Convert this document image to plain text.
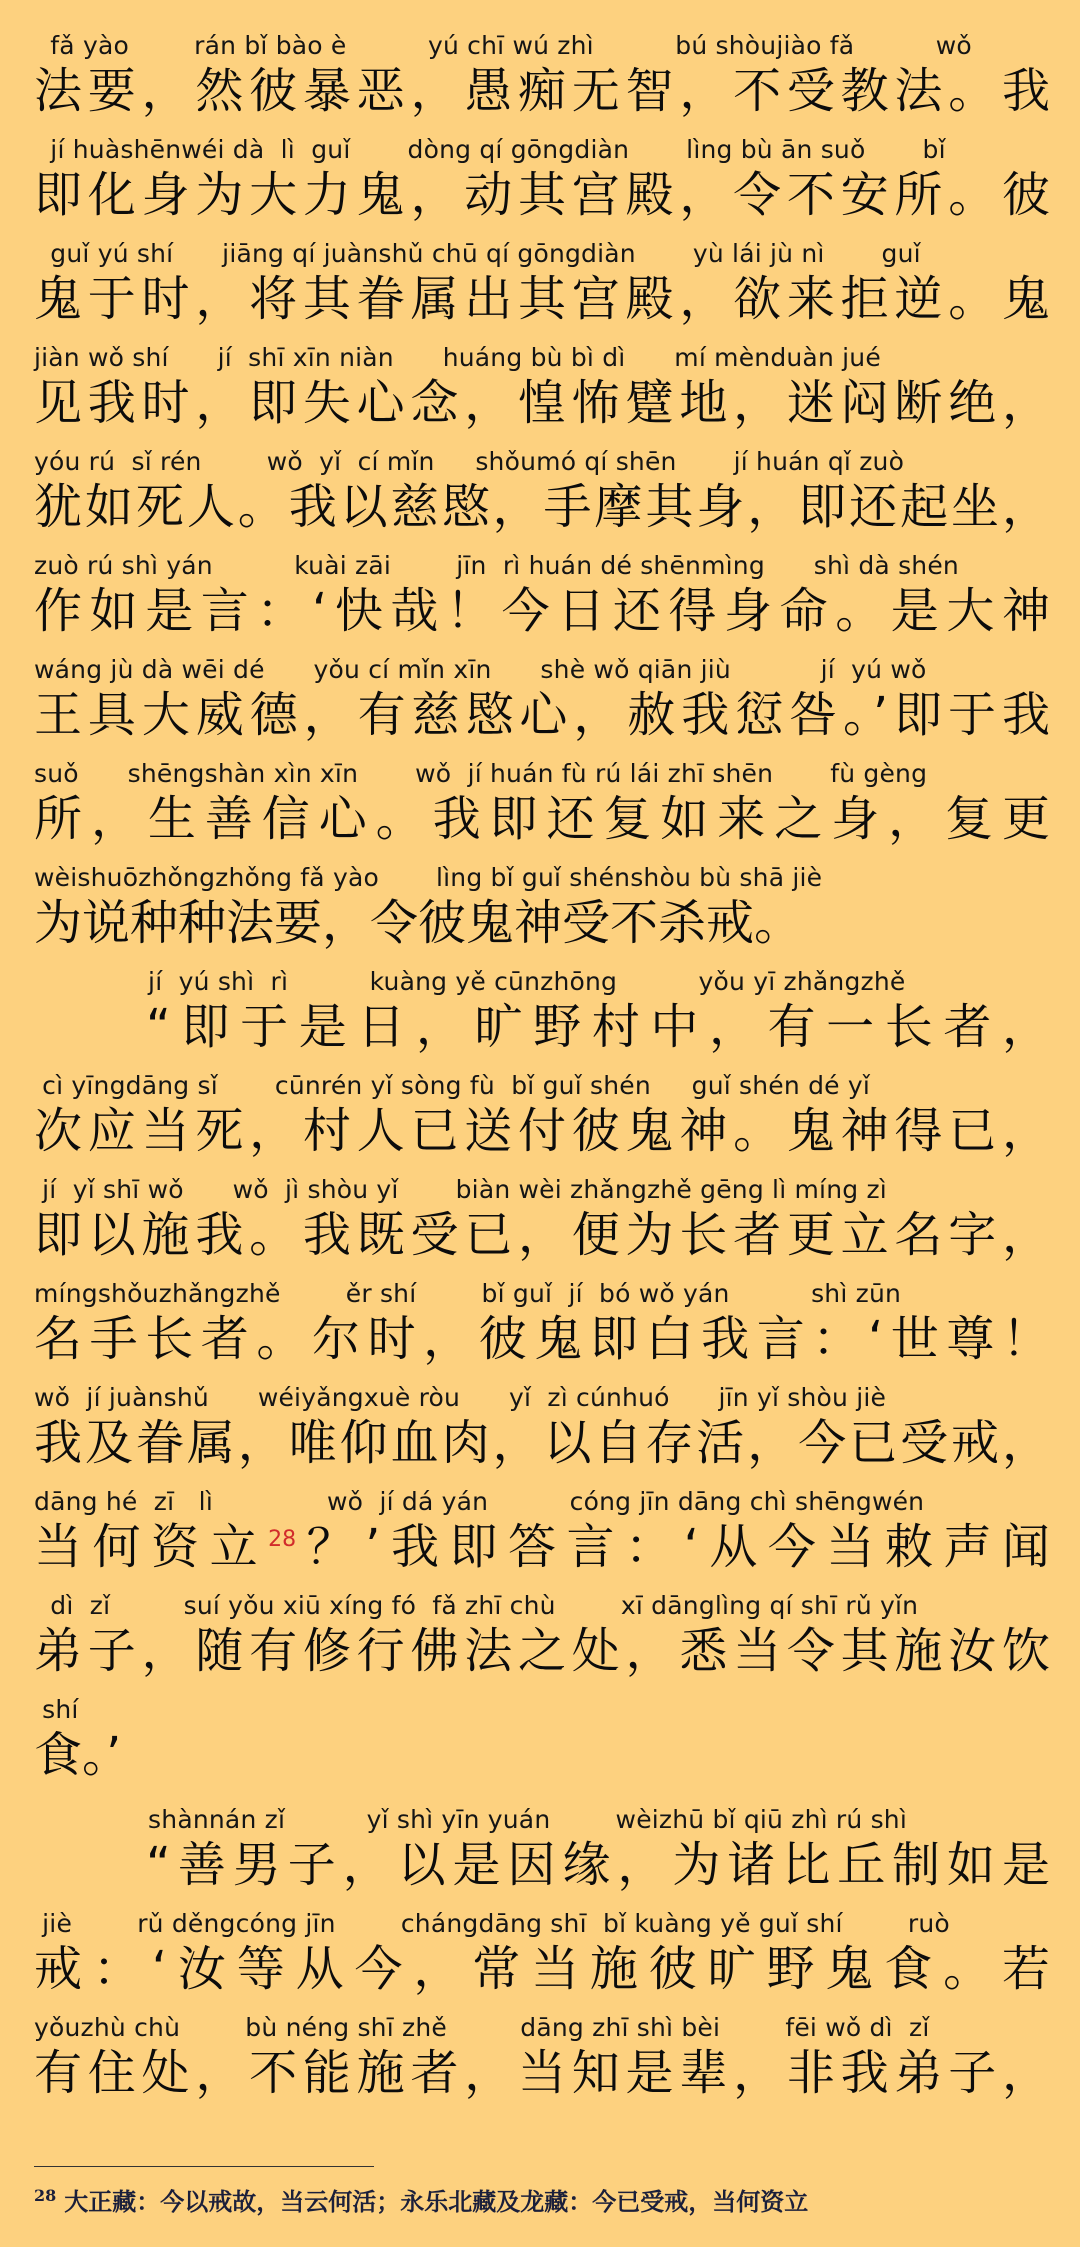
fǎ yào        rán bǐ bào è          yú chī wú zhì          bú shòujiào fǎ          wǒ
法要，然彼暴恶，愚痴无智，不受教法。我
jí huàshēnwéi dà  lì  guǐ       dòng qí gōngdiàn       lìng bù ān suǒ       bǐ
即化身为大力鬼，动其宫殿，令不安所。彼
guǐ yú shí      jiāng qí juànshǔ chū qí gōngdiàn       yù lái jù nì       guǐ
鬼于时，将其眷属出其宫殿，欲来拒逆。鬼
jiàn wǒ shí      jí  shī xīn niàn      huáng bù bì dì      mí mènduàn jué
见我时，即失心念，惶怖躄地，迷闷断绝，
yóu rú  sǐ rén        wǒ  yǐ  cí mǐn     shǒumó qí shēn       jí huán qǐ zuò
犹如死人。我以慈愍，手摩其身，即还起坐，
zuò rú shì yán          kuài zāi        jīn  rì huán dé shēnmìng      shì dà shén
作如是言：‘快哉！今日还得身命。是大神
wáng jù dà wēi dé      yǒu cí mǐn xīn      shè wǒ qiān jiù           jí  yú wǒ
王具大威德，有慈愍心，赦我愆咎。’即于我
suǒ      shēngshàn xìn xīn       wǒ  jí huán fù rú lái zhī shēn       fù gèng
所，生善信心。我即还复如来之身，复更
wèishuōzhǒngzhǒng fǎ yào       lìng bǐ guǐ shénshòu bù shā jiè
为说种种法要，令彼鬼神受不杀戒。
jí  yú shì  rì          kuàng yě cūnzhōng          yǒu yī zhǎngzhě
“即于是日，旷野村中，有一长者，
cì yīngdāng sǐ       cūnrén yǐ sòng fù  bǐ guǐ shén     guǐ shén dé yǐ
次应当死，村人已送付彼鬼神。鬼神得已，
jí  yǐ shī wǒ      wǒ  jì shòu yǐ       biàn wèi zhǎngzhě gēng lì míng zì
即以施我。我既受已，便为长者更立名字，
míngshǒuzhǎngzhě        ěr shí        bǐ guǐ  jí  bó wǒ yán          shì zūn
名手长者。尔时，彼鬼即白我言：‘世尊！
wǒ  jí juànshǔ      wéiyǎngxuè ròu      yǐ  zì cúnhuó      jīn yǐ shòu jiè
我及眷属，唯仰血肉，以自存活，今已受戒，
dāng hé  zī   lì              wǒ  jí dá yán          cóng jīn dāng chì shēngwén
当何资立$^{28}$？’我即答言：‘从今当敕声闻
dì  zǐ         suí yǒu xiū xíng fó  fǎ zhī chù        xī dānglìng qí shī rǔ yǐn
弟子，随有修行佛法之处，悉当令其施汝饮
shí
食。’
shànnán zǐ          yǐ shì yīn yuán        wèizhū bǐ qiū zhì rú shì
“善男子，以是因缘，为诸比丘制如是
jiè        rǔ děngcóng jīn        chángdāng shī  bǐ kuàng yě guǐ shí        ruò
戒：‘汝等从今，常当施彼旷野鬼食。若
yǒuzhù chù        bù néng shī zhě         dāng zhī shì bèi        fēi wǒ dì  zǐ
有住处，不能施者，当知是辈，非我弟子，
$^{28}$ 大正藏：今以戒故，当云何活；永乐北藏及龙藏：今已受戒，当何资立
